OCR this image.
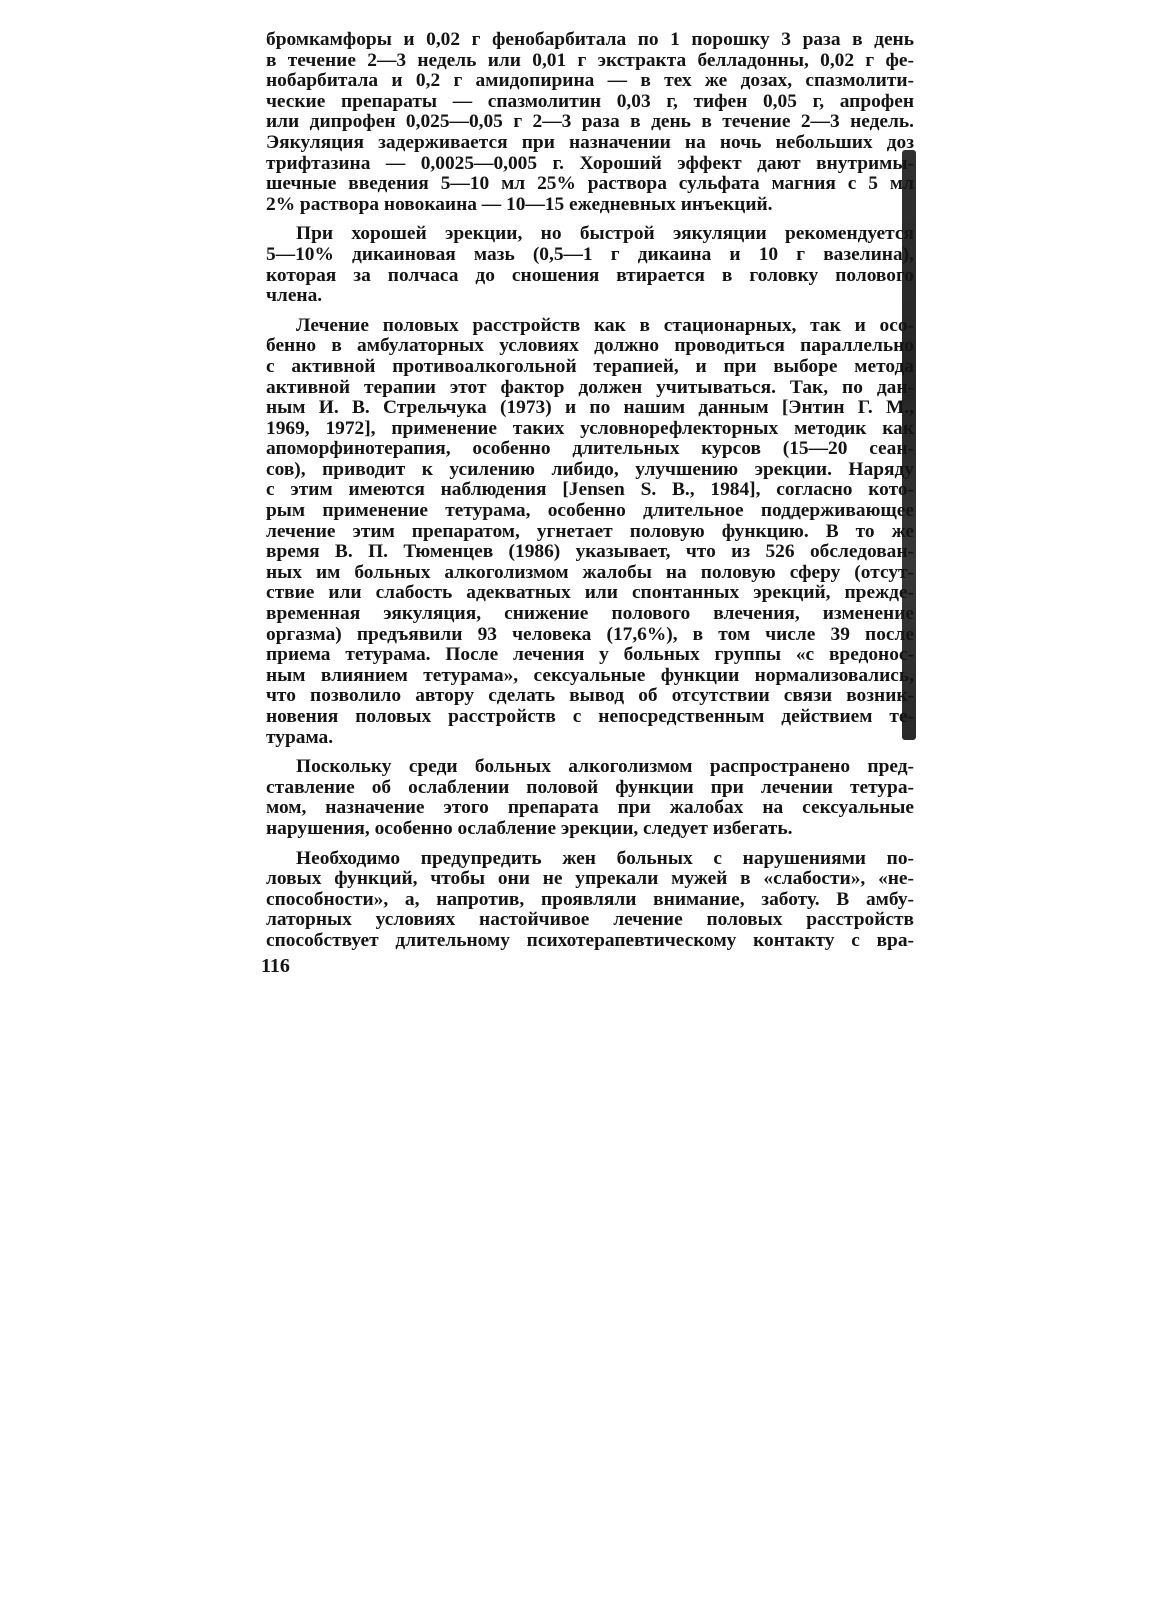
бромкамфоры и 0,02 г фенобарбитала по 1 порошку 3 раза в день
в течение 2—3 недель или 0,01 г экстракта белладонны, 0,02 г фе-
нобарбитала и 0,2 г амидопирина — в тех же дозах, спазмолити-
ческие препараты — спазмолитин 0,03 г, тифен 0,05 г, апрофен
или дипрофен 0,025—0,05 г 2—3 раза в день в течение 2—3 недель.
Эякуляция задерживается при назначении на ночь небольших доз
трифтазина — 0,0025—0,005 г. Хороший эффект дают внутримы-
шечные введения 5—10 мл 25% раствора сульфата магния с 5 мл
2% раствора новокаина — 10—15 ежедневных инъекций.
При хорошей эрекции, но быстрой эякуляции рекомендуется
5—10% дикаиновая мазь (0,5—1 г дикаина и 10 г вазелина),
которая за полчаса до сношения втирается в головку полового
члена.
Лечение половых расстройств как в стационарных, так и осо-
бенно в амбулаторных условиях должно проводиться параллельно
с активной противоалкогольной терапией, и при выборе метода
активной терапии этот фактор должен учитываться. Так, по дан-
ным И. В. Стрельчука (1973) и по нашим данным [Энтин Г. М.,
1969, 1972], применение таких условнорефлекторных методик как
апоморфинотерапия, особенно длительных курсов (15—20 сеан-
сов), приводит к усилению либидо, улучшению эрекции. Наряду
с этим имеются наблюдения [Jensen S. B., 1984], согласно кото-
рым применение тетурама, особенно длительное поддерживающее
лечение этим препаратом, угнетает половую функцию. В то же
время В. П. Тюменцев (1986) указывает, что из 526 обследован-
ных им больных алкоголизмом жалобы на половую сферу (отсут-
ствие или слабость адекватных или спонтанных эрекций, прежде-
временная эякуляция, снижение полового влечения, изменение
оргазма) предъявили 93 человека (17,6%), в том числе 39 после
приема тетурама. После лечения у больных группы «с вредонос-
ным влиянием тетурама», сексуальные функции нормализовались,
что позволило автору сделать вывод об отсутствии связи возник-
новения половых расстройств с непосредственным действием те-
турама.
Поскольку среди больных алкоголизмом распространено пред-
ставление об ослаблении половой функции при лечении тетура-
мом, назначение этого препарата при жалобах на сексуальные
нарушения, особенно ослабление эрекции, следует избегать.
Необходимо предупредить жен больных с нарушениями по-
ловых функций, чтобы они не упрекали мужей в «слабости», «не-
способности», а, напротив, проявляли внимание, заботу. В амбу-
латорных условиях настойчивое лечение половых расстройств
способствует длительному психотерапевтическому контакту с вра-
116
